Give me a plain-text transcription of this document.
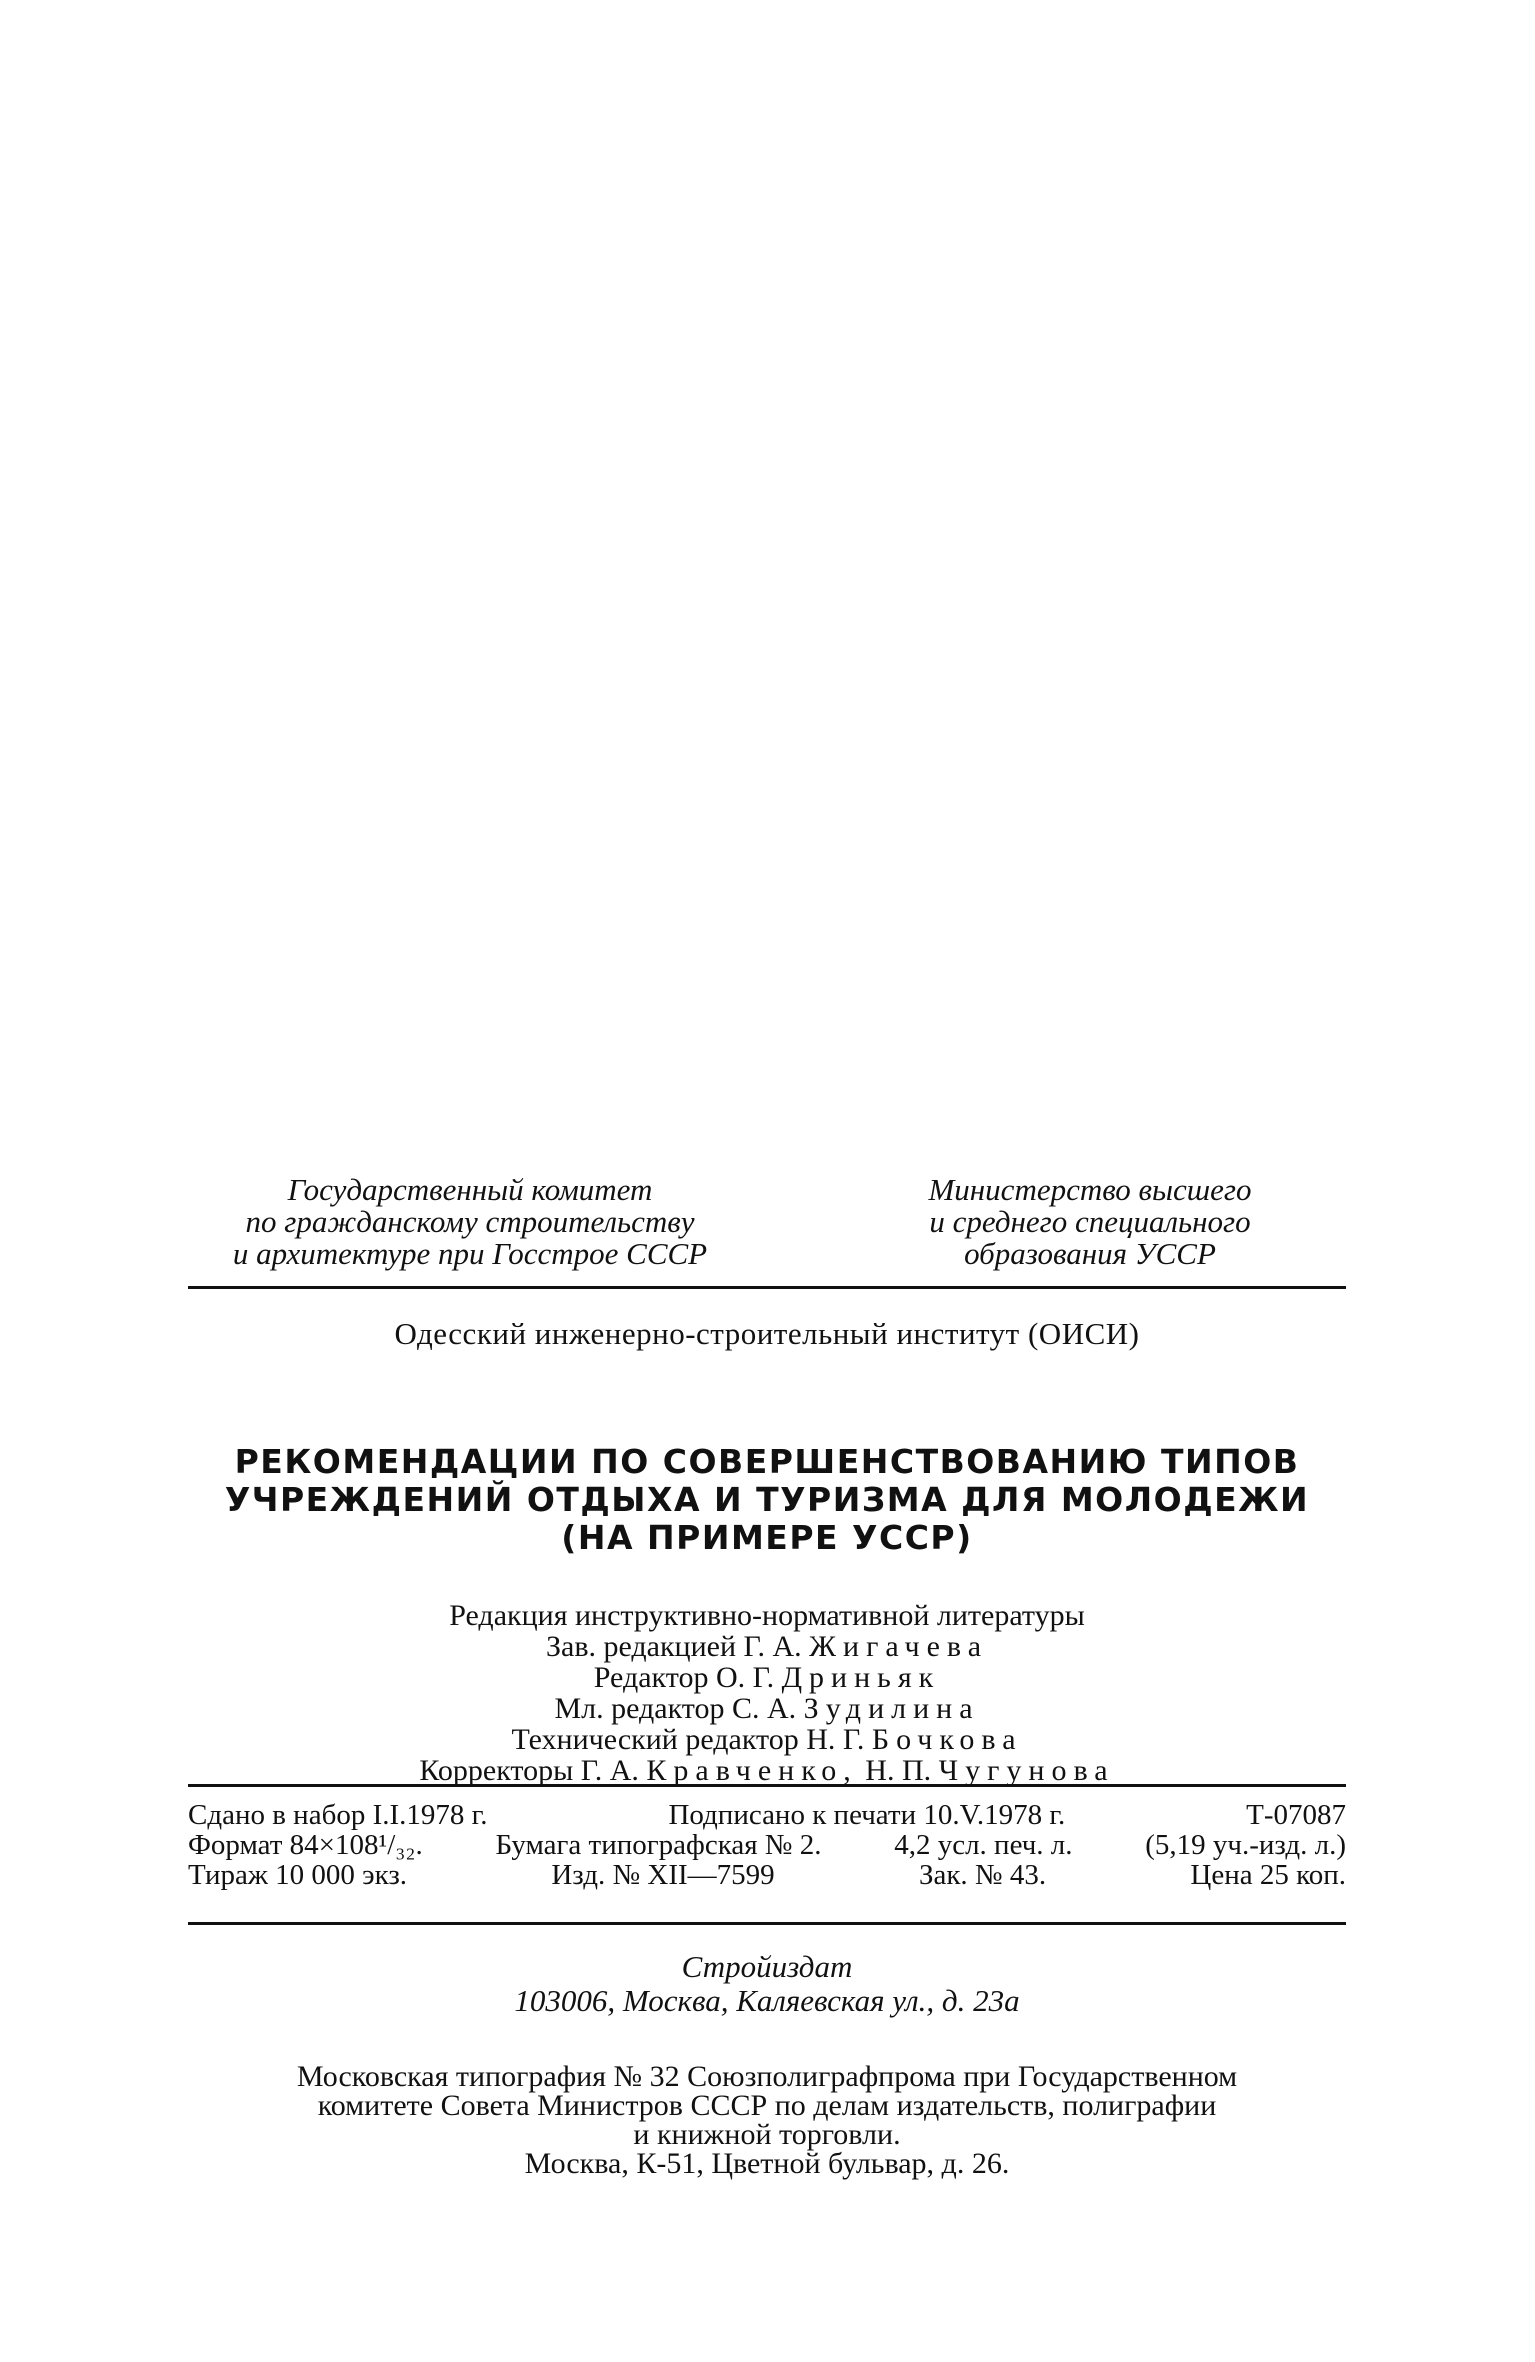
Государственный комитет
по гражданскому строительству
и архитектуре при Госстрое СССР
Министерство высшего
и среднего специального
образования УССР
Одесский инженерно-строительный институт (ОИСИ)
РЕКОМЕНДАЦИИ ПО СОВЕРШЕНСТВОВАНИЮ ТИПОВ
УЧРЕЖДЕНИЙ ОТДЫХА И ТУРИЗМА ДЛЯ МОЛОДЕЖИ
(НА ПРИМЕРЕ УССР)
Редакция инструктивно-нормативной литературы
Зав. редакцией Г. А. Жигачева
Редактор О. Г. Дриньяк
Мл. редактор С. А. Зудилина
Технический редактор Н. Г. Бочкова
Корректоры Г. А. Кравченко, Н. П. Чугунова
Сдано в набор I.I.1978 г.	Подписано к печати 10.V.1978 г.	Т-07087
Формат 84×108¹/₃₂.	Бумага типографская № 2.	4,2 усл. печ. л.	(5,19 уч.-изд. л.)
Тираж 10 000 экз.	Изд. № XII—7599	Зак. № 43.	Цена 25 коп.
Стройиздат
103006, Москва, Каляевская ул., д. 23а
Московская типография № 32 Союзполиграфпрома при Государственном
комитете Совета Министров СССР по делам издательств, полиграфии
и книжной торговли.
Москва, К-51, Цветной бульвар, д. 26.
